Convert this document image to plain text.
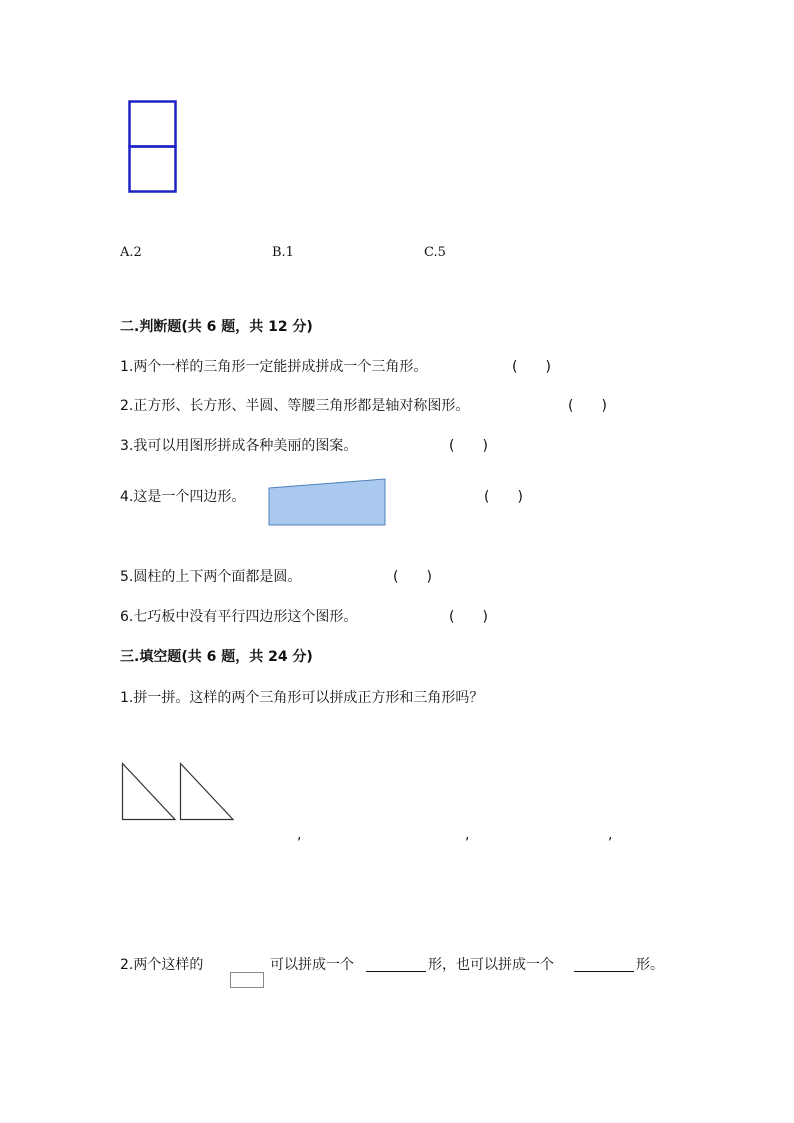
A.2	B.1	C.5
二.判断题(共 6 题，共 12 分)
1.两个一样的三角形一定能拼成拼成一个三角形。	(　　)
2.正方形、长方形、半圆、等腰三角形都是轴对称图形。	(　　)
3.我可以用图形拼成各种美丽的图案。	(　　)
4.这是一个四边形。	(　　)
5.圆柱的上下两个面都是圆。	(　　)
6.七巧板中没有平行四边形这个图形。	(　　)
三.填空题(共 6 题，共 24 分)
1.拼一拼。这样的两个三角形可以拼成正方形和三角形吗？
,	,	,
2.两个这样的	可以拼成一个	形，也可以拼成一个	形。
